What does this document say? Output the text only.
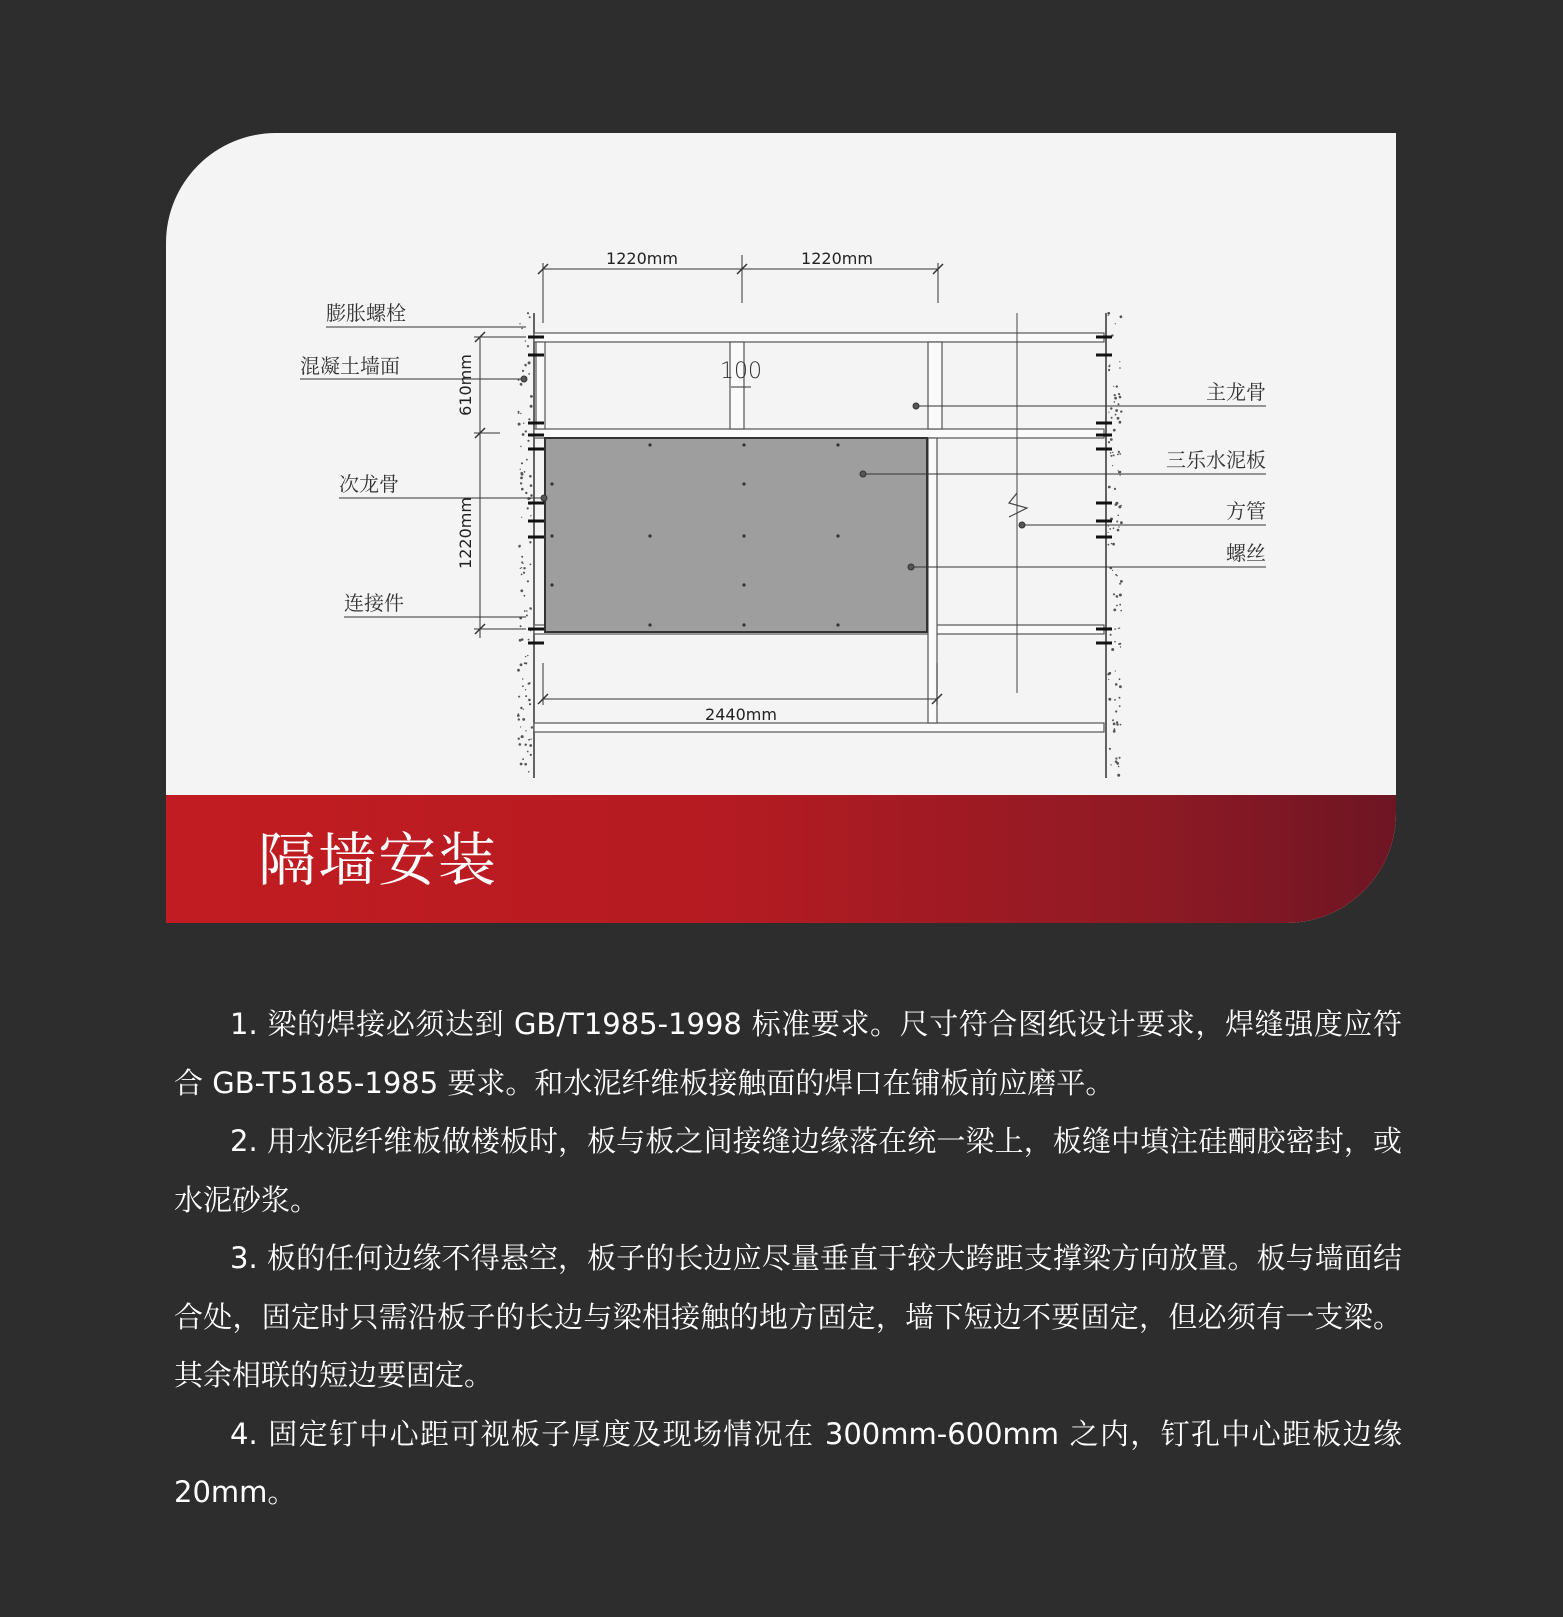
1220mm	1220mm
100
2440mm
610mm
1220mm
膨胀螺栓
混凝土墙面
次龙骨
连接件
主龙骨
三乐水泥板
方管
螺丝
隔墙安装

1. 梁的焊接必须达到 GB/T1985-1998 标准要求。尺寸符合图纸设计要求，焊缝强度应符合 GB-T5185-1985 要求。和水泥纤维板接触面的焊口在铺板前应磨平。

2. 用水泥纤维板做楼板时，板与板之间接缝边缘落在统一梁上，板缝中填注硅酮胶密封，或水泥砂浆。

3. 板的任何边缘不得悬空，板子的长边应尽量垂直于较大跨距支撑梁方向放置。板与墙面结合处，固定时只需沿板子的长边与梁相接触的地方固定，墙下短边不要固定，但必须有一支梁。其余相联的短边要固定。

4. 固定钉中心距可视板子厚度及现场情况在 300mm-600mm 之内，钉孔中心距板边缘 20mm。
